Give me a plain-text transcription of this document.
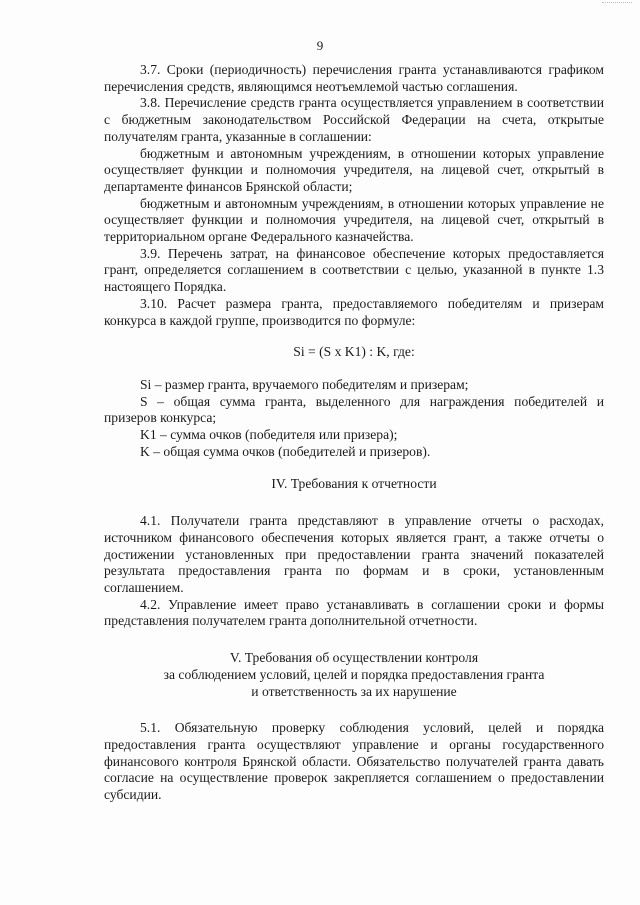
9

3.7. Сроки (периодичность) перечисления гранта устанавливаются графиком перечисления средств, являющимся неотъемлемой частью соглашения.

3.8. Перечисление средств гранта осуществляется управлением в соответствии с бюджетным законодательством Российской Федерации на счета, открытые получателям гранта, указанные в соглашении:

бюджетным и автономным учреждениям, в отношении которых управление осуществляет функции и полномочия учредителя, на лицевой счет, открытый в департаменте финансов Брянской области;

бюджетным и автономным учреждениям, в отношении которых управление не осуществляет функции и полномочия учредителя, на лицевой счет, открытый в территориальном органе Федерального казначейства.

3.9. Перечень затрат, на финансовое обеспечение которых предоставляется грант, определяется соглашением в соответствии с целью, указанной в пункте 1.3 настоящего Порядка.

3.10. Расчет размера гранта, предоставляемого победителям и призерам конкурса в каждой группе, производится по формуле:

Si = (S x K1) : K, где:

Si – размер гранта, вручаемого победителям и призерам;

S – общая сумма гранта, выделенного для награждения победителей и призеров конкурса;

K1 – сумма очков (победителя или призера);

K – общая сумма очков (победителей и призеров).

IV. Требования к отчетности

4.1. Получатели гранта представляют в управление отчеты о расходах, источником финансового обеспечения которых является грант, а также отчеты о достижении установленных при предоставлении гранта значений показателей результата предоставления гранта по формам и в сроки, установленным соглашением.

4.2. Управление имеет право устанавливать в соглашении сроки и формы представления получателем гранта дополнительной отчетности.

V. Требования об осуществлении контроля

за соблюдением условий, целей и порядка предоставления гранта

и ответственность за их нарушение

5.1. Обязательную проверку соблюдения условий, целей и порядка предоставления гранта осуществляют управление и органы государственного финансового контроля Брянской области. Обязательство получателей гранта давать согласие на осуществление проверок закрепляется соглашением о предоставлении субсидии.
